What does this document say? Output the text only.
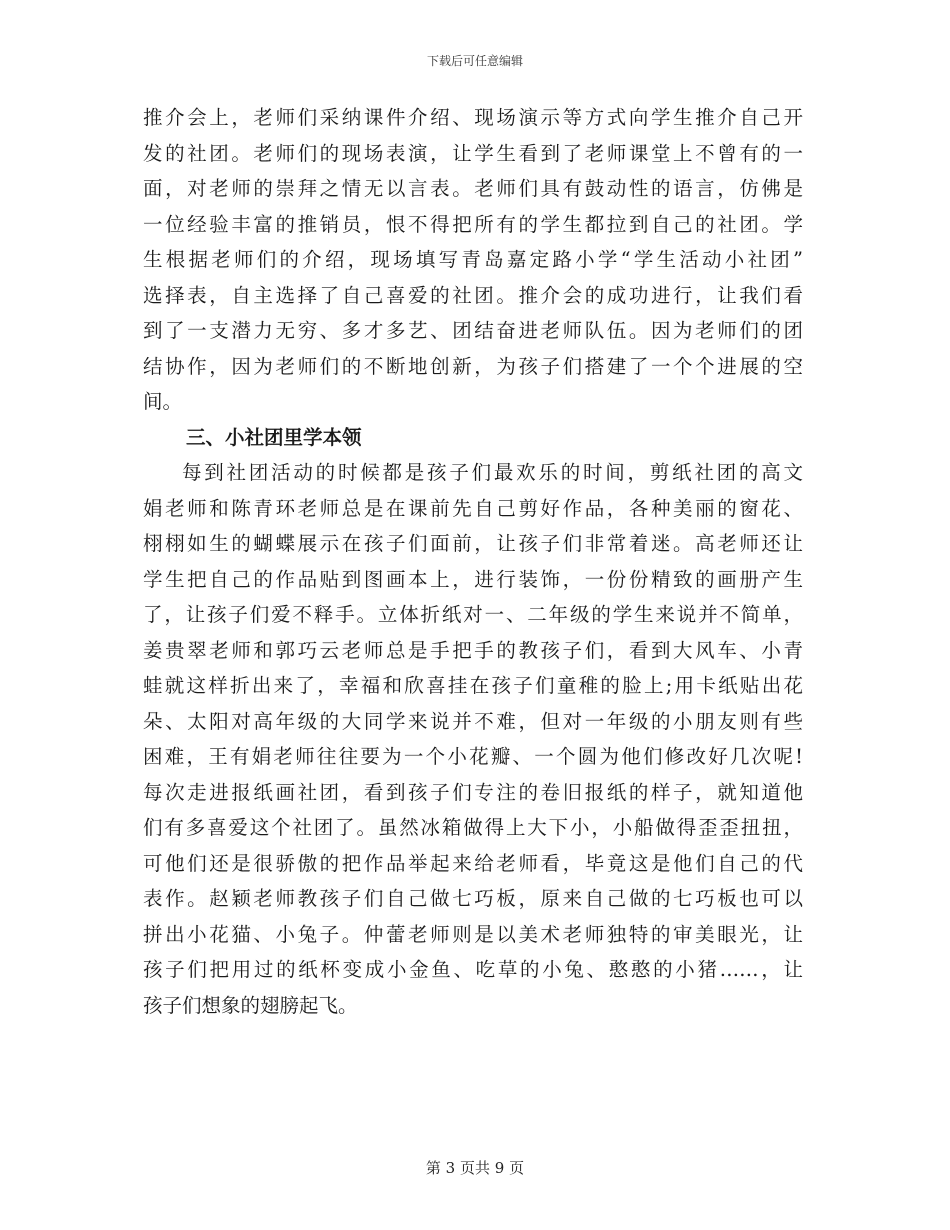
下载后可任意编辑
推介会上，老师们采纳课件介绍、现场演示等方式向学生推介自己开
发的社团。老师们的现场表演，让学生看到了老师课堂上不曾有的一
面，对老师的崇拜之情无以言表。老师们具有鼓动性的语言，仿佛是
一位经验丰富的推销员，恨不得把所有的学生都拉到自己的社团。学
生根据老师们的介绍，现场填写青岛嘉定路小学“学生活动小社团”
选择表，自主选择了自己喜爱的社团。推介会的成功进行，让我们看
到了一支潜力无穷、多才多艺、团结奋进老师队伍。因为老师们的团
结协作，因为老师们的不断地创新，为孩子们搭建了一个个进展的空
间。
三、小社团里学本领
每到社团活动的时候都是孩子们最欢乐的时间，剪纸社团的高文
娟老师和陈青环老师总是在课前先自己剪好作品，各种美丽的窗花、
栩栩如生的蝴蝶展示在孩子们面前，让孩子们非常着迷。高老师还让
学生把自己的作品贴到图画本上，进行装饰，一份份精致的画册产生
了，让孩子们爱不释手。立体折纸对一、二年级的学生来说并不简单，
姜贵翠老师和郭巧云老师总是手把手的教孩子们，看到大风车、小青
蛙就这样折出来了，幸福和欣喜挂在孩子们童稚的脸上;用卡纸贴出花
朵、太阳对高年级的大同学来说并不难，但对一年级的小朋友则有些
困难，王有娟老师往往要为一个小花瓣、一个圆为他们修改好几次呢!
每次走进报纸画社团，看到孩子们专注的卷旧报纸的样子，就知道他
们有多喜爱这个社团了。虽然冰箱做得上大下小，小船做得歪歪扭扭，
可他们还是很骄傲的把作品举起来给老师看，毕竟这是他们自己的代
表作。赵颖老师教孩子们自己做七巧板，原来自己做的七巧板也可以
拼出小花猫、小兔子。仲蕾老师则是以美术老师独特的审美眼光，让
孩子们把用过的纸杯变成小金鱼、吃草的小兔、憨憨的小猪……，让
孩子们想象的翅膀起飞。
第 3 页共 9 页
